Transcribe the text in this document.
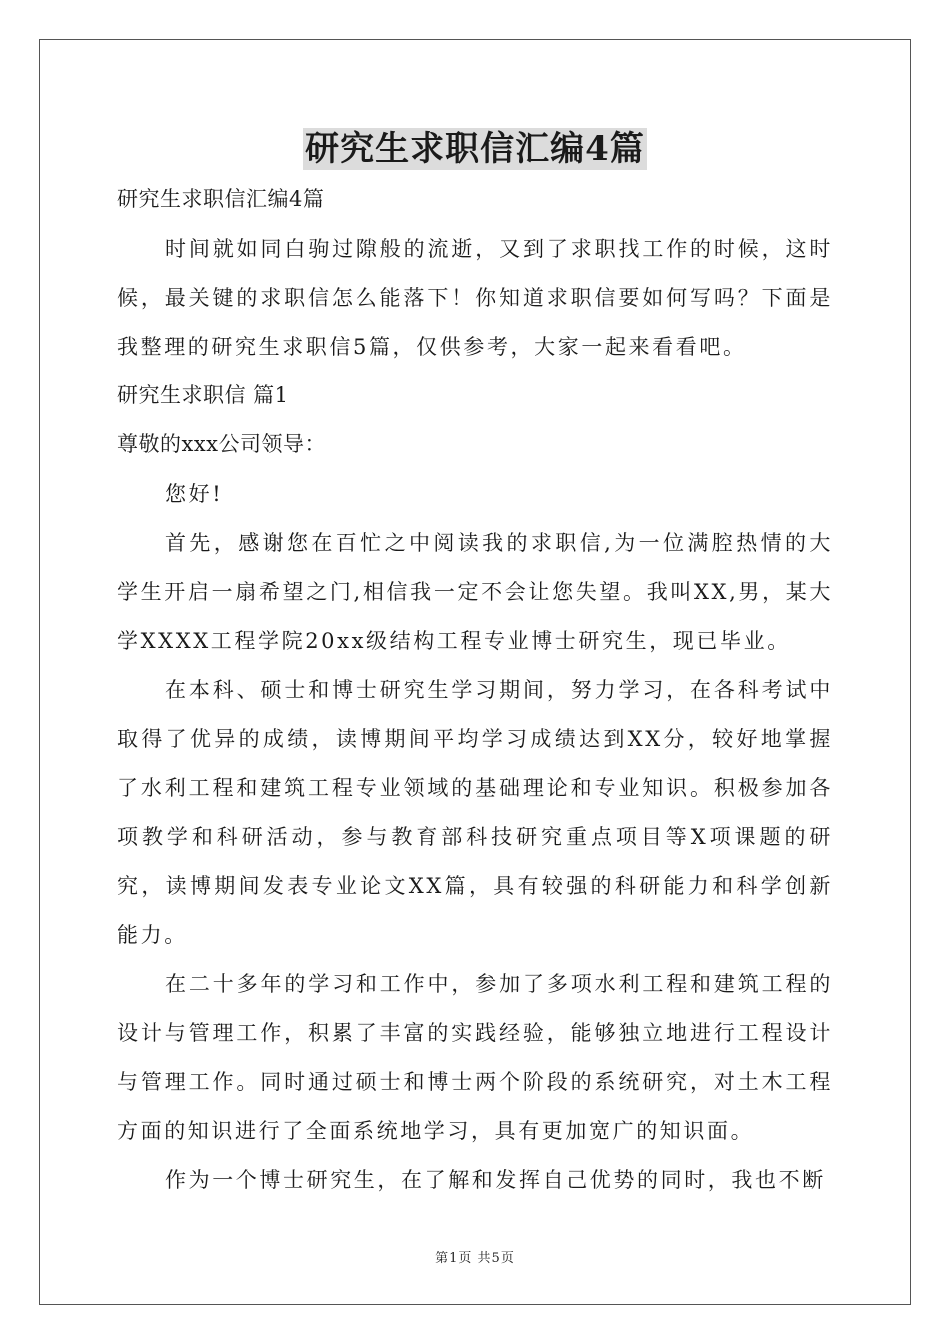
研究生求职信汇编4篇
研究生求职信汇编4篇
时间就如同白驹过隙般的流逝，又到了求职找工作的时候，这时候，最关键的求职信怎么能落下！你知道求职信要如何写吗？下面是我整理的研究生求职信5篇，仅供参考，大家一起来看看吧。
研究生求职信 篇1
尊敬的xxx公司领导：
您好!
首先，感谢您在百忙之中阅读我的求职信,为一位满腔热情的大学生开启一扇希望之门,相信我一定不会让您失望。我叫XX,男，某大学XXXX工程学院20xx级结构工程专业博士研究生，现已毕业。
在本科、硕士和博士研究生学习期间，努力学习，在各科考试中取得了优异的成绩，读博期间平均学习成绩达到XX分，较好地掌握了水利工程和建筑工程专业领域的基础理论和专业知识。积极参加各项教学和科研活动，参与教育部科技研究重点项目等X项课题的研究，读博期间发表专业论文XX篇，具有较强的科研能力和科学创新能力。
在二十多年的学习和工作中，参加了多项水利工程和建筑工程的设计与管理工作，积累了丰富的实践经验，能够独立地进行工程设计与管理工作。同时通过硕士和博士两个阶段的系统研究，对土木工程方面的知识进行了全面系统地学习，具有更加宽广的知识面。
作为一个博士研究生，在了解和发挥自己优势的同时，我也不断
第1页 共5页
